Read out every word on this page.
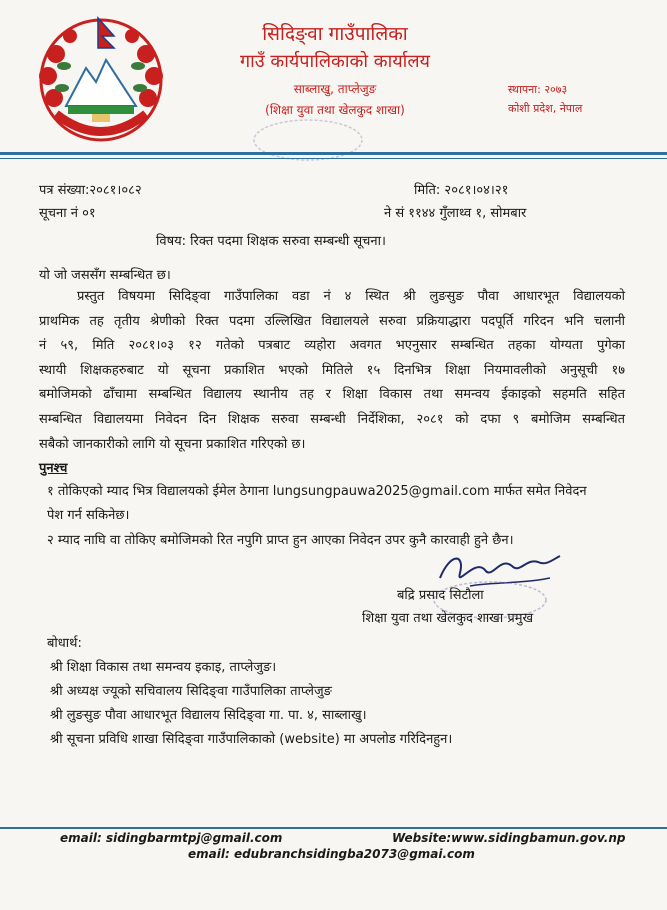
सिदिङ्वा गाउँपालिका
गाउँ कार्यपालिकाको कार्यालय
साब्लाखु, ताप्लेजुङ
(शिक्षा युवा तथा खेलकुद शाखा)
स्थापना: २०७३
कोशी प्रदेश, नेपाल
पत्र संख्या:२०८१।०८२
सूचना नं ०१
मिति: २०८१।०४।२१
ने सं ११४४ गुँलाथ्व १, सोमबार
विषय: रिक्त पदमा शिक्षक सरुवा सम्बन्धी सूचना।
यो जो जससँग सम्बन्धित छ।
प्रस्तुत विषयमा सिदिङ्वा गाउँपालिका वडा नं ४ स्थित श्री लुङसुङ पौवा आधारभूत विद्यालयको
प्राथमिक तह तृतीय श्रेणीको रिक्त पदमा उल्लिखित विद्यालयले सरुवा प्रक्रियाद्धारा पदपूर्ति गरिदन भनि चलानी
नं ५९, मिति २०८१।०३ १२ गतेको पत्रबाट व्यहोरा अवगत भएनुसार सम्बन्धित तहका योग्यता पुगेका
स्थायी शिक्षकहरुबाट यो सूचना प्रकाशित भएको मितिले १५ दिनभित्र शिक्षा नियमावलीको अनुसूची १७
बमोजिमको ढाँचामा सम्बन्धित विद्यालय स्थानीय तह र शिक्षा विकास तथा समन्वय ईकाइको सहमति सहित
सम्बन्धित विद्यालयमा निवेदन दिन शिक्षक सरुवा सम्बन्धी निर्देशिका, २०८१ को दफा ९ बमोजिम सम्बन्धित
सबैको जानकारीको लागि यो सूचना प्रकाशित गरिएको छ।
पुनश्च
१ तोकिएको म्याद भित्र विद्यालयको ईमेल ठेगाना lungsungpauwa2025@gmail.com मार्फत समेत निवेदन
पेश गर्न सकिनेछ।
२ म्याद नाघि वा तोकिए बमोजिमको रित नपुगि प्राप्त हुन आएका निवेदन उपर कुनै कारवाही हुने छैन।
बद्रि प्रसाद सिटौला
शिक्षा युवा तथा खेलकुद शाखा प्रमुख
बोधार्थ:
श्री शिक्षा विकास तथा समन्वय इकाइ, ताप्लेजुङ।
श्री अध्यक्ष ज्यूको सचिवालय सिदिङ्वा गाउँपालिका ताप्लेजुङ
श्री लुङसुङ पौवा आधारभूत विद्यालय सिदिङ्वा गा. पा. ४, साब्लाखु।
श्री सूचना प्रविधि शाखा सिदिङ्वा गाउँपालिकाको (website) मा अपलोड गरिदिनहुन।
email: sidingbarmtpj@gmail.com	Website:www.sidingbamun.gov.np
email: edubranchsidingba2073@gmai.com
